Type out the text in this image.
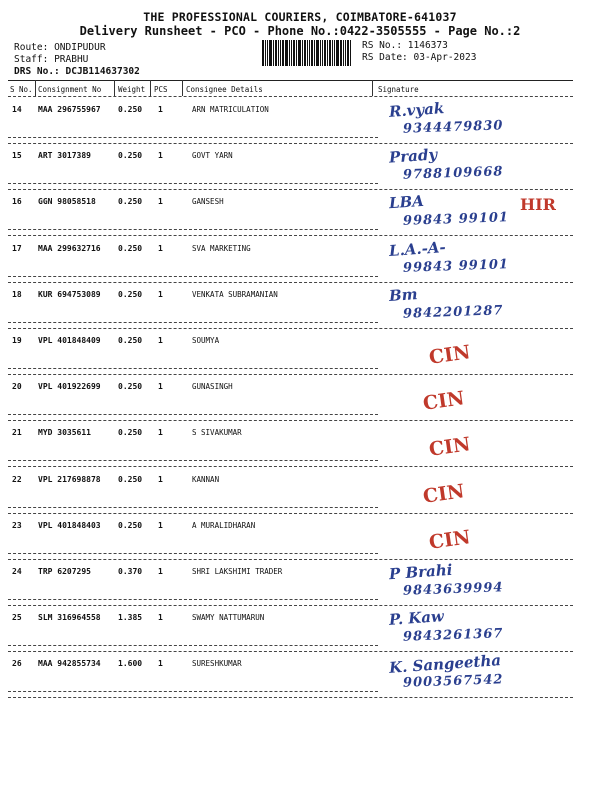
THE PROFESSIONAL COURIERS, COIMBATORE-641037
Delivery Runsheet - PCO - Phone No.:0422-3505555 - Page No.:2
Route: ONDIPUDUR
Staff: PRABHU
DRS No.: DCJB114637302
RS No.: 1146373
RS Date: 03-Apr-2023
S No. Consignment No Weight PCS Consignee Details	Signature
14 MAA 296755967 0.250 1	ARN MATRICULATION	R.vyak
9344479830
15 ART 3017389	0.250 1	GOVT YARN	Prady
9788109668
16 GGN 98058518	0.250 1	GANSESH	LBA
99843 99101
HIR
17 MAA 299632716 0.250 1	SVA MARKETING	L.A.-A-
99843 99101
18 KUR 694753089 0.250 1	VENKATA SUBRAMANIAN	Bm
9842201287
19 VPL 401848409 0.250 1	SOUMYA
CIN
20 VPL 401922699 0.250 1	GUNASINGH
CIN
21 MYD 3035611	0.250 1	S SIVAKUMAR
CIN
22 VPL 217698878 0.250 1	KANNAN
CIN
23 VPL 401848403 0.250 1	A MURALIDHARAN
CIN
24 TRP 6207295	0.370 1	SHRI LAKSHIMI TRADER	P Brahi
9843639994
25 SLM 316964558 1.385 1	SWAMY NATTUMARUN	P. Kaw
9843261367
26 MAA 942855734 1.600 1	SURESHKUMAR	K. Sangeetha
9003567542
